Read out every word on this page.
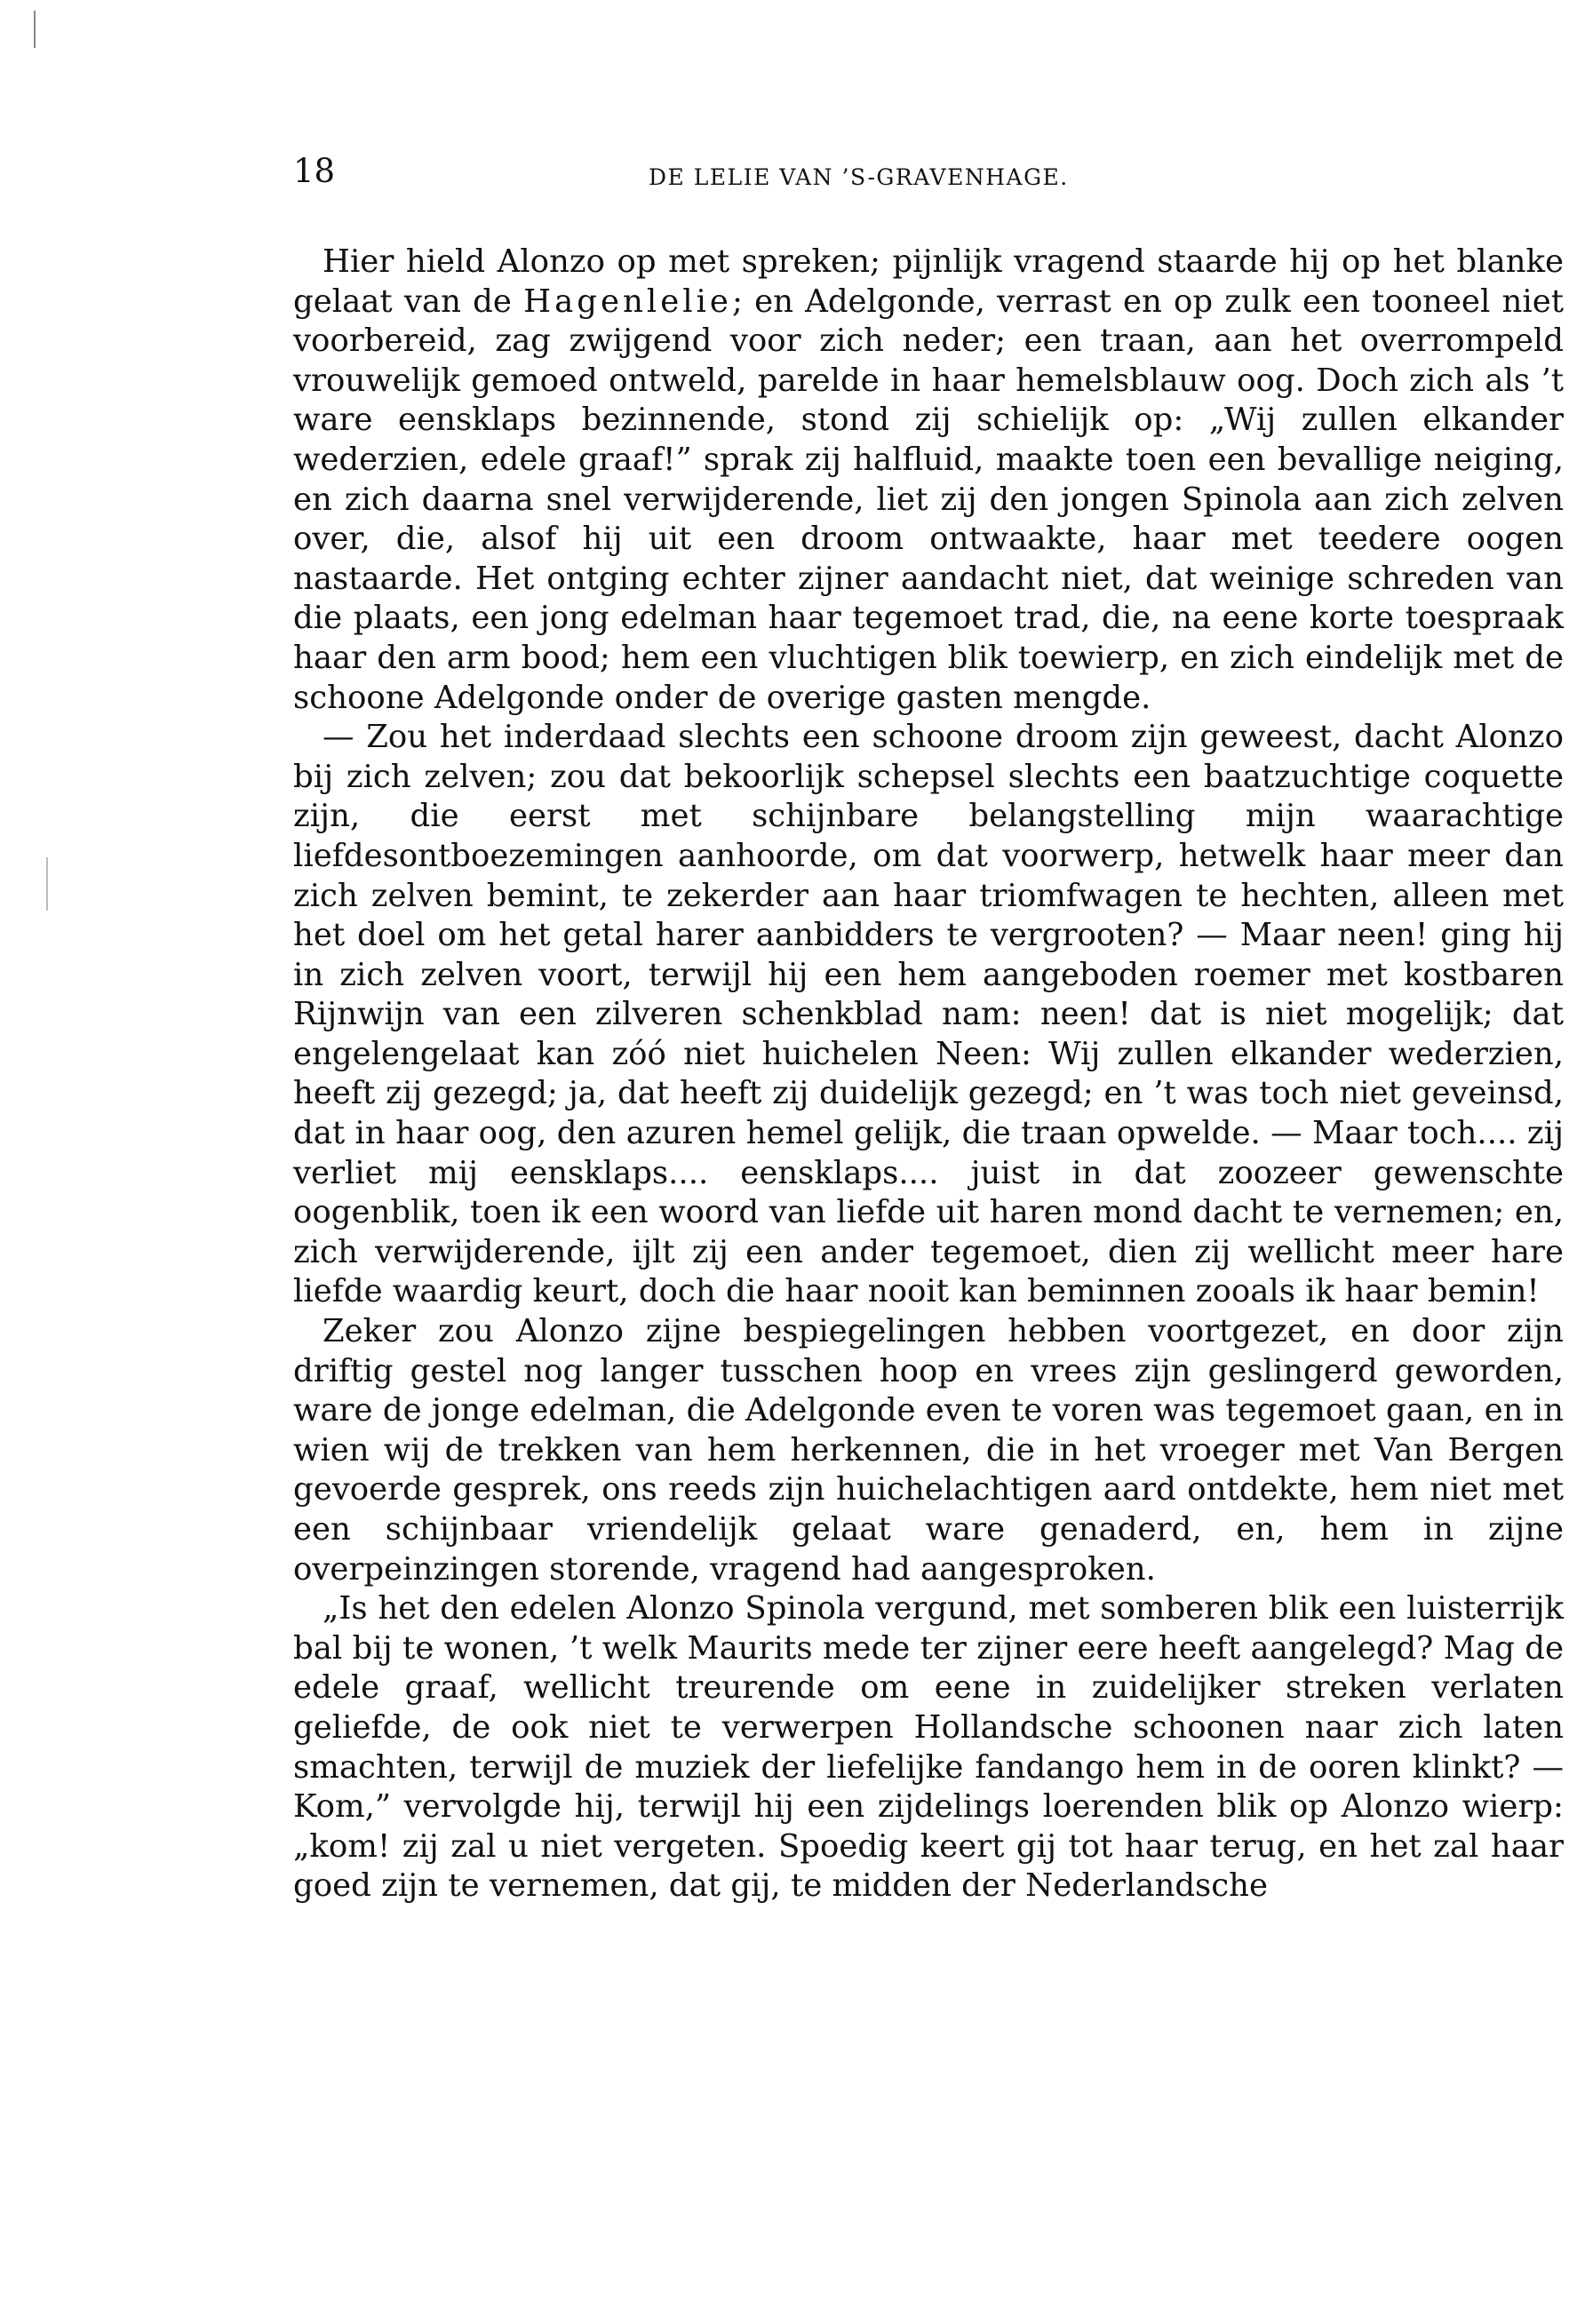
18	DE LELIE VAN ’S-GRAVENHAGE.

Hier hield Alonzo op met spreken; pijnlijk vragend staarde hij op het blanke gelaat van de Hagenlelie; en Adelgonde, verrast en op zulk een tooneel niet voorbereid, zag zwijgend voor zich neder; een traan, aan het overrompeld vrouwelijk gemoed ontweld, parelde in haar hemelsblauw oog. Doch zich als ’t ware eensklaps bezinnende, stond zij schielijk op: „Wij zullen elkander wederzien, edele graaf!” sprak zij halfluid, maakte toen een bevallige neiging, en zich daarna snel verwijderende, liet zij den jongen Spinola aan zich zelven over, die, alsof hij uit een droom ontwaakte, haar met teedere oogen nastaarde. Het ontging echter zijner aandacht niet, dat weinige schreden van die plaats, een jong edelman haar tegemoet trad, die, na eene korte toespraak haar den arm bood; hem een vluchtigen blik toewierp, en zich eindelijk met de schoone Adelgonde onder de overige gasten mengde.

— Zou het inderdaad slechts een schoone droom zijn geweest, dacht Alonzo bij zich zelven; zou dat bekoorlijk schepsel slechts een baatzuchtige coquette zijn, die eerst met schijnbare belangstelling mijn waarachtige liefdesontboezemingen aanhoorde, om dat voorwerp, hetwelk haar meer dan zich zelven bemint, te zekerder aan haar triomfwagen te hechten, alleen met het doel om het getal harer aanbidders te vergrooten? — Maar neen! ging hij in zich zelven voort, terwijl hij een hem aangeboden roemer met kostbaren Rijnwijn van een zilveren schenkblad nam: neen! dat is niet mogelijk; dat engelengelaat kan zóó niet huichelen Neen: Wij zullen elkander wederzien, heeft zij gezegd; ja, dat heeft zij duidelijk gezegd; en ’t was toch niet geveinsd, dat in haar oog, den azuren hemel gelijk, die traan opwelde. — Maar toch.... zij verliet mij eensklaps.... eensklaps.... juist in dat zoozeer gewenschte oogenblik, toen ik een woord van liefde uit haren mond dacht te vernemen; en, zich verwijderende, ijlt zij een ander tegemoet, dien zij wellicht meer hare liefde waardig keurt, doch die haar nooit kan beminnen zooals ik haar bemin!

Zeker zou Alonzo zijne bespiegelingen hebben voortgezet, en door zijn driftig gestel nog langer tusschen hoop en vrees zijn geslingerd geworden, ware de jonge edelman, die Adelgonde even te voren was tegemoet gaan, en in wien wij de trekken van hem herkennen, die in het vroeger met Van Bergen gevoerde gesprek, ons reeds zijn huichelachtigen aard ontdekte, hem niet met een schijnbaar vriendelijk gelaat ware genaderd, en, hem in zijne overpeinzingen storende, vragend had aangesproken.

„Is het den edelen Alonzo Spinola vergund, met somberen blik een luisterrijk bal bij te wonen, ’t welk Maurits mede ter zijner eere heeft aangelegd? Mag de edele graaf, wellicht treurende om eene in zuidelijker streken verlaten geliefde, de ook niet te verwerpen Hollandsche schoonen naar zich laten smachten, terwijl de muziek der liefelijke fandango hem in de ooren klinkt? — Kom,” vervolgde hij, terwijl hij een zijdelings loerenden blik op Alonzo wierp: „kom! zij zal u niet vergeten. Spoedig keert gij tot haar terug, en het zal haar goed zijn te vernemen, dat gij, te midden der Nederlandsche
